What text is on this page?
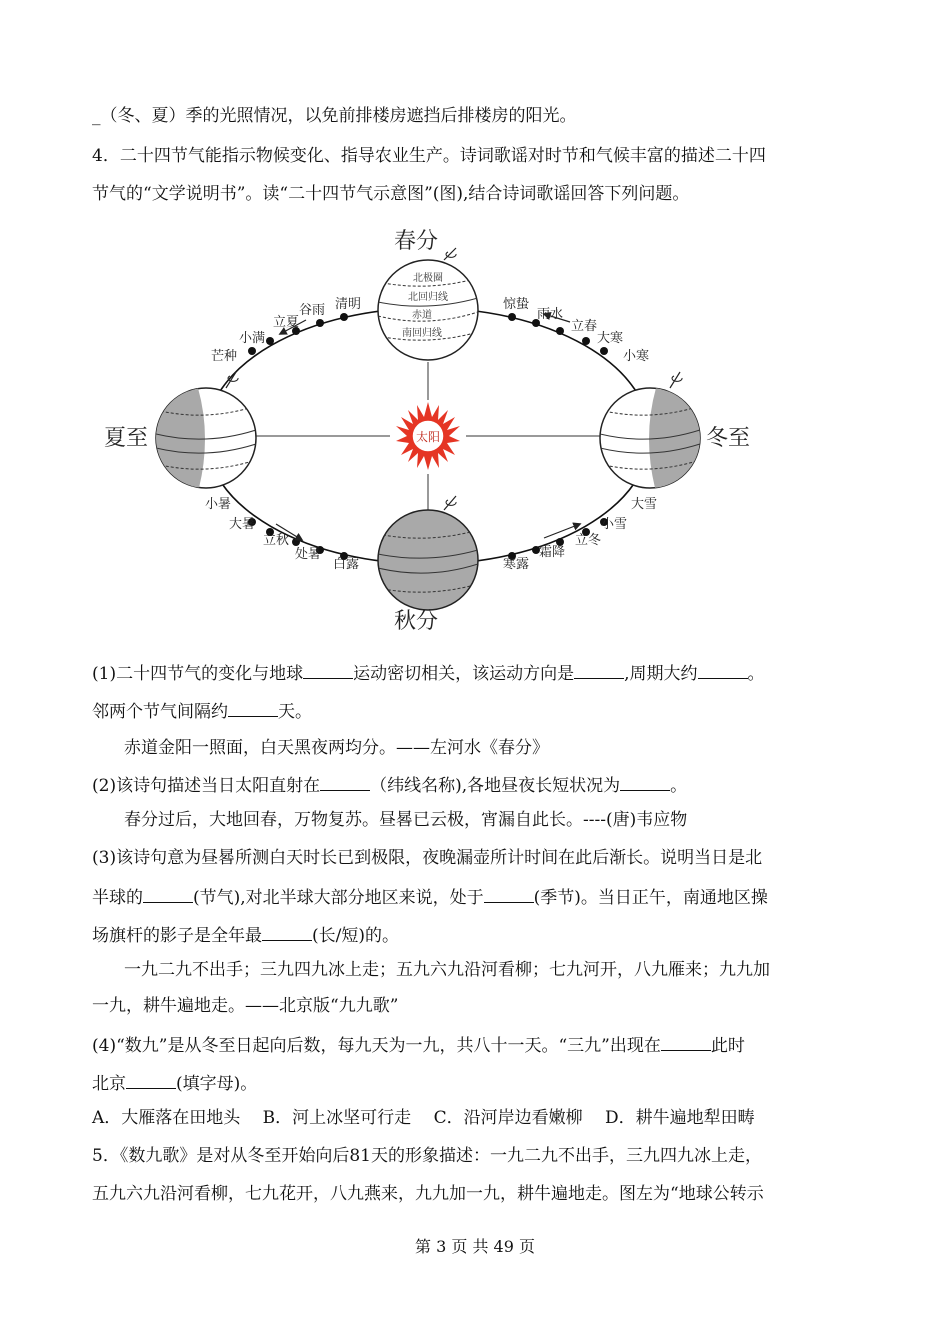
_（冬、夏）季的光照情况，以免前排楼房遮挡后排楼房的阳光。
4．二十四节气能指示物候变化、指导农业生产。诗词歌谣对时节和气候丰富的描述二十四
节气的“文学说明书”。读“二十四节气示意图”(图),结合诗词歌谣回答下列问题。
太阳
北极圈
北回归线
赤道
南回归线
春分
夏至	冬至
秋分
清明
谷雨
立夏
小满
芒种
惊蛰
雨水
立春
大寒
小寒
小暑
大暑
立秋
处暑
白露	寒露
霜降
立冬
小雪
大雪
(1)二十四节气的变化与地球	运动密切相关，该运动方向是	,周期大约	。
邻两个节气间隔约	天。
赤道金阳一照面，白天黑夜两均分。——左河水《春分》
(2)该诗句描述当日太阳直射在	（纬线名称),各地昼夜长短状况为	。
春分过后，大地回春，万物复苏。昼晷已云极，宵漏自此长。----(唐)韦应物
(3)该诗句意为昼晷所测白天时长已到极限，夜晚漏壶所计时间在此后渐长。说明当日是北
半球的	(节气),对北半球大部分地区来说，处于	(季节)。当日正午，南通地区操
场旗杆的影子是全年最	(长/短)的。
一九二九不出手；三九四九冰上走；五九六九沿河看柳；七九河开，八九雁来；九九加
一九，耕牛遍地走。——北京版“九九歌”
(4)“数九”是从冬至日起向后数，每九天为一九，共八十一天。“三九”出现在	此时
北京	(填字母)。
A．大雁落在田地头　 B．河上冰坚可行走　 C．沿河岸边看嫩柳　 D．耕牛遍地犁田畴
5．《数九歌》是对从冬至开始向后81天的形象描述：一九二九不出手，三九四九冰上走，
五九六九沿河看柳，七九花开，八九燕来，九九加一九，耕牛遍地走。图左为“地球公转示
第 3 页 共 49 页
